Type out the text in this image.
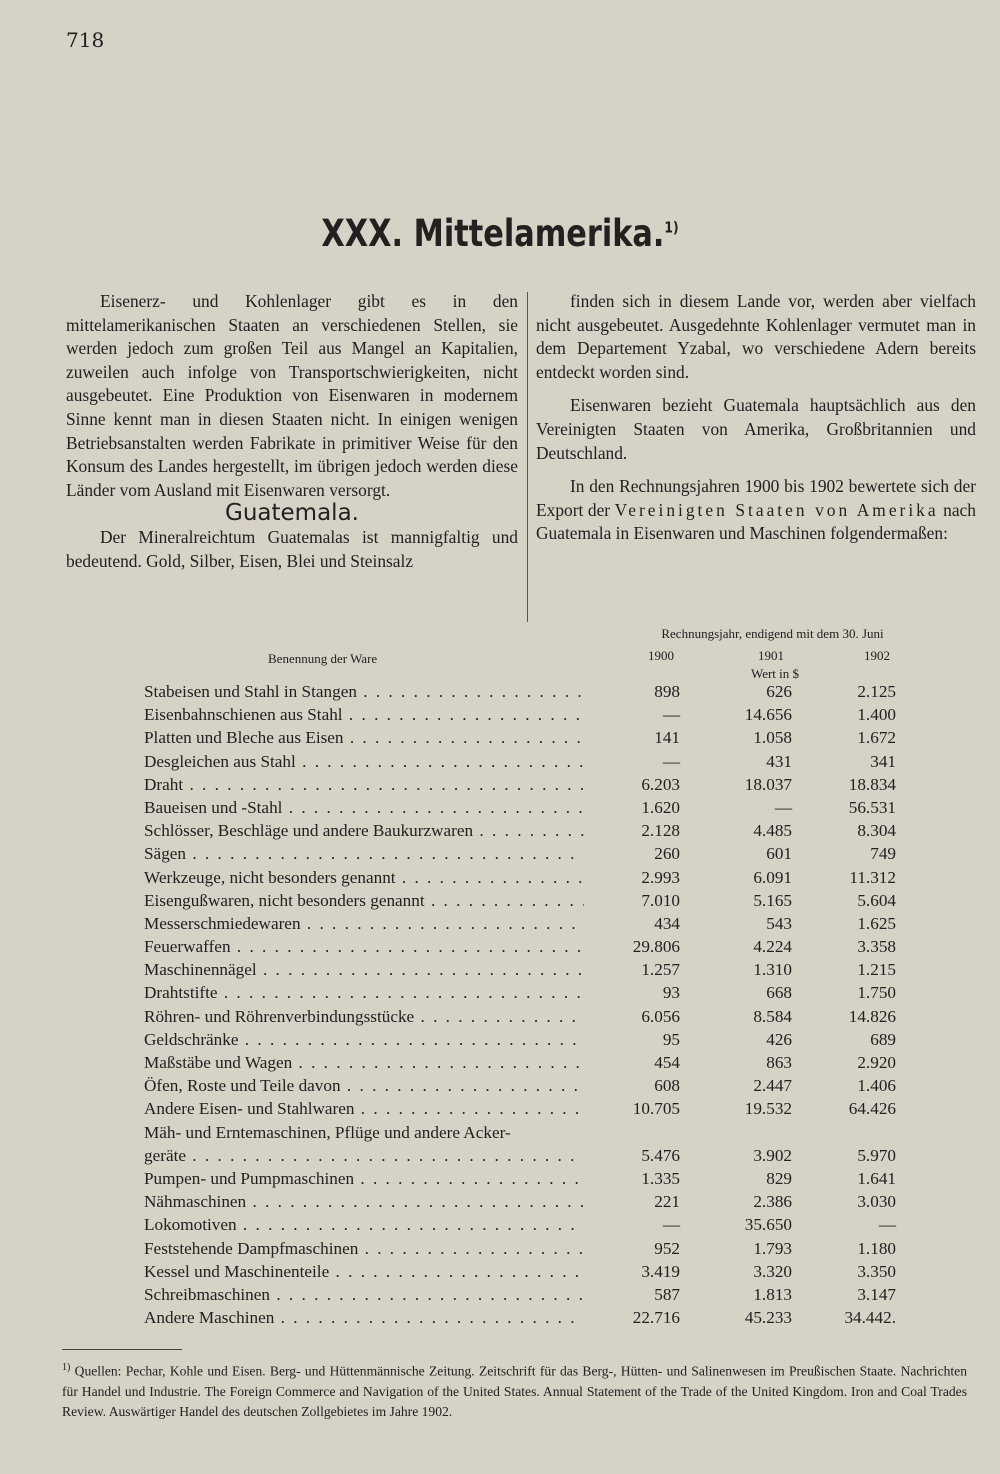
718
XXX. Mittelamerika.$^{1)}$

Eisenerz- und Kohlenlager gibt es in den mittelamerikanischen Staaten an verschiedenen Stellen, sie werden jedoch zum großen Teil aus Mangel an Kapitalien, zuweilen auch infolge von Transportschwierigkeiten, nicht ausgebeutet. Eine Produktion von Eisenwaren in modernem Sinne kennt man in diesen Staaten nicht. In einigen wenigen Betriebsanstalten werden Fabrikate in primitiver Weise für den Konsum des Landes hergestellt, im übrigen jedoch werden diese Länder vom Ausland mit Eisenwaren versorgt.

Guatemala.

Der Mineralreichtum Guatemalas ist mannigfaltig und bedeutend. Gold, Silber, Eisen, Blei und Steinsalz

finden sich in diesem Lande vor, werden aber vielfach nicht ausgebeutet. Ausgedehnte Kohlenlager vermutet man in dem Departement Yzabal, wo verschiedene Adern bereits entdeckt worden sind.

Eisenwaren bezieht Guatemala hauptsächlich aus den Vereinigten Staaten von Amerika, Großbritannien und Deutschland.

In den Rechnungsjahren 1900 bis 1902 bewertete sich der Export der Vereinigten Staaten von Amerika nach Guatemala in Eisenwaren und Maschinen folgendermaßen:

Rechnungsjahr, endigend mit dem 30. Juni
Benennung der Ware	1900	1901	1902
Wert in $
Stabeisen und Stahl in Stangen . . .	898	626	2.125
Eisenbahnschienen aus Stahl . . .	—	14.656	1.400
Platten und Bleche aus Eisen . . .	141	1.058	1.672
Desgleichen aus Stahl . . .	—	431	341
Draht . . .	6.203	18.037	18.834
Baueisen und -Stahl . . .	1.620	—	56.531
Schlösser, Beschläge und andere Baukurzwaren . . .	2.128	4.485	8.304
Sägen . . .	260	601	749
Werkzeuge, nicht besonders genannt . . .	2.993	6.091	11.312
Eisengußwaren, nicht besonders genannt . . .	7.010	5.165	5.604
Messerschmiedewaren . . .	434	543	1.625
Feuerwaffen . . .	29.806	4.224	3.358
Maschinennägel . . .	1.257	1.310	1.215
Drahtstifte . . .	93	668	1.750
Röhren- und Röhrenverbindungsstücke . . .	6.056	8.584	14.826
Geldschränke . . .	95	426	689
Maßstäbe und Wagen . . .	454	863	2.920
Öfen, Roste und Teile davon . . .	608	2.447	1.406
Andere Eisen- und Stahlwaren . . .	10.705	19.532	64.426
Mäh- und Erntemaschinen, Pflüge und andere Acker-
geräte . . .	5.476	3.902	5.970
Pumpen- und Pumpmaschinen . . .	1.335	829	1.641
Nähmaschinen . . .	221	2.386	3.030
Lokomotiven . . .	—	35.650	—
Feststehende Dampfmaschinen . . .	952	1.793	1.180
Kessel und Maschinenteile . . .	3.419	3.320	3.350
Schreibmaschinen . . .	587	1.813	3.147
Andere Maschinen . . .	22.716	45.233	34.442.
$^{1)}$ Quellen: Pechar, Kohle und Eisen. Berg- und Hüttenmännische Zeitung. Zeitschrift für das Berg-, Hütten- und Salinenwesen im Preußischen Staate. Nachrichten für Handel und Industrie. The Foreign Commerce and Navigation of the United States. Annual Statement of the Trade of the United Kingdom. Iron and Coal Trades Review. Auswärtiger Handel des deutschen Zollgebietes im Jahre 1902.
